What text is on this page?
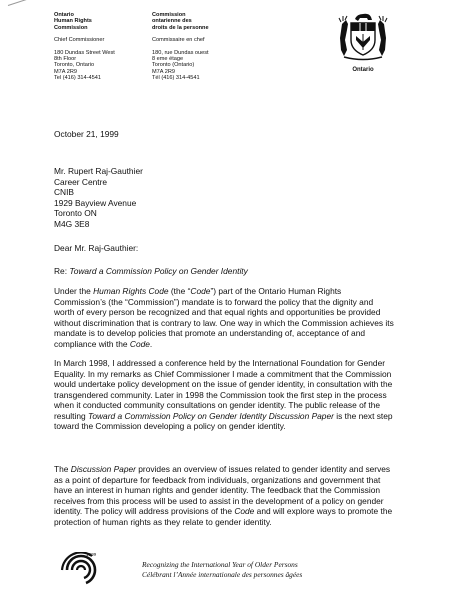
Ontario
Human Rights
Commission
Chief Commissioner
180 Dundas Street West
8th Floor
Toronto, Ontario
M7A 2R9
Tel (416) 314-4541
Commission
ontarienne des
droits de la personne
Commissaire en chef
180, rue Dundas ouest
8 eme étage
Toronto (Ontario)
M7A 2R9
Tél (416) 314-4541
Ontario
October 21, 1999
Mr. Rupert Raj-Gauthier
Career Centre
CNIB
1929 Bayview Avenue
Toronto ON
M4G 3E8
Dear Mr. Raj-Gauthier:
Re: Toward a Commission Policy on Gender Identity

Under the Human Rights Code (the “Code”) part of the Ontario Human Rights Commission’s (the “Commission”) mandate is to forward the policy that the dignity and worth of every person be recognized and that equal rights and opportunities be provided without discrimination that is contrary to law. One way in which the Commission achieves its mandate is to develop policies that promote an understanding of, acceptance of and compliance with the Code.

In March 1998, I addressed a conference held by the International Foundation for Gender Equality. In my remarks as Chief Commissioner I made a commitment that the Commission would undertake policy development on the issue of gender identity, in consultation with the transgendered community. Later in 1998 the Commission took the first step in the process when it conducted community consultations on gender identity. The public release of the resulting Toward a Commission Policy on Gender Identity Discussion Paper is the next step toward the Commission developing a policy on gender identity.

The Discussion Paper provides an overview of issues related to gender identity and serves as a point of departure for feedback from individuals, organizations and government that have an interest in human rights and gender identity. The feedback that the Commission receives from this process will be used to assist in the development of a policy on gender identity. The policy will address provisions of the Code and will explore ways to promote the protection of human rights as they relate to gender identity.

1999
Recognizing the International Year of Older Persons
Célébrant l’Année internationale des personnes âgées
